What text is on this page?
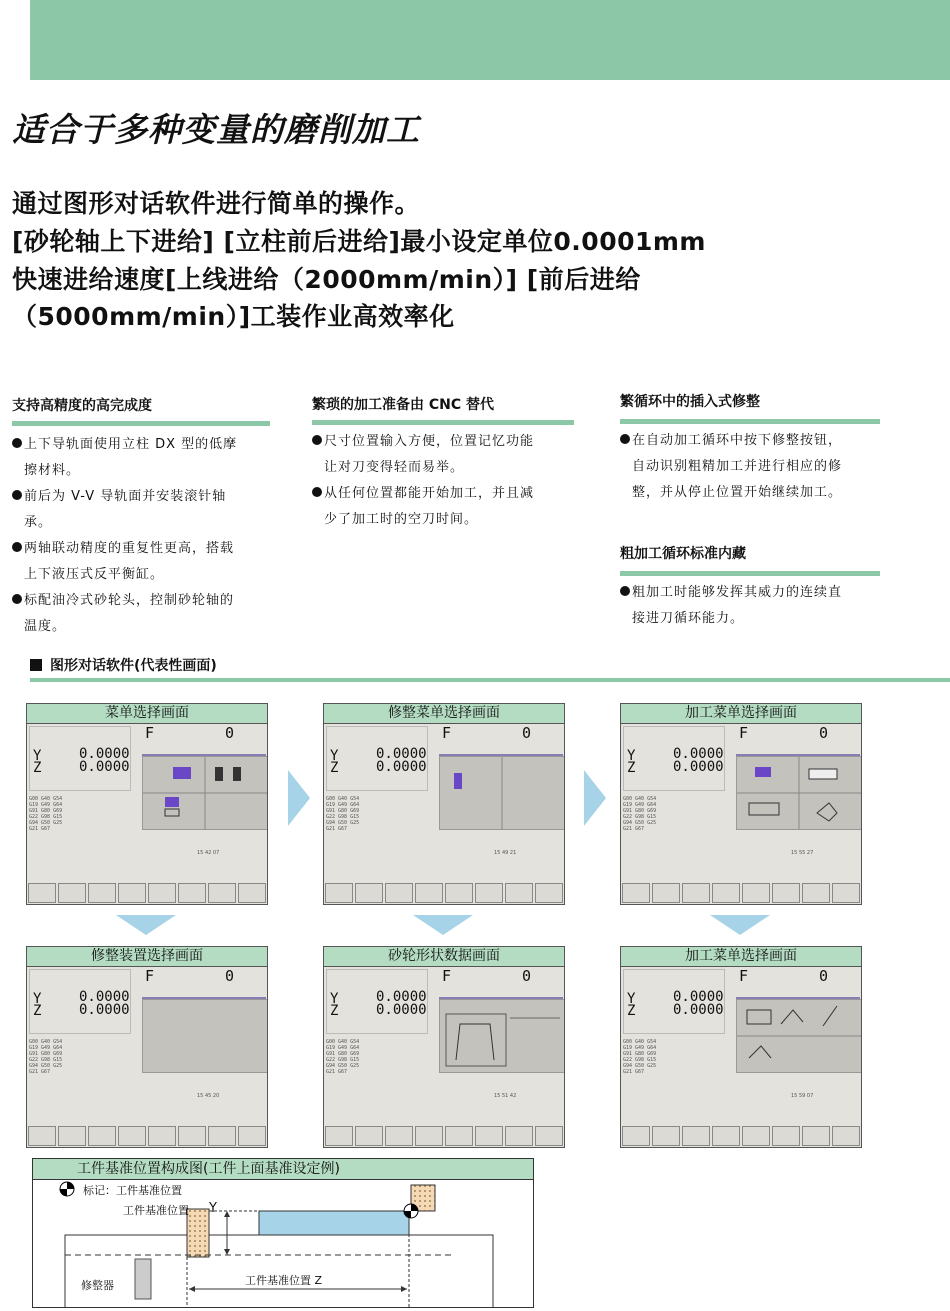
适合于多种变量的磨削加工
通过图形对话软件进行简单的操作。
[砂轮轴上下进给] [立柱前后进给]最小设定单位0.0001mm
快速进给速度[上线进给（2000mm/min）] [前后进给
（5000mm/min）]工装作业高效率化
支持高精度的高完成度
上下导轨面使用立柱 DX 型的低摩
擦材料。
前后为 V-V 导轨面并安装滚针轴
承。
两轴联动精度的重复性更高，搭载
上下液压式反平衡缸。
标配油冷式砂轮头，控制砂轮轴的
温度。
繁琐的加工准备由 CNC 替代
尺寸位置输入方便，位置记忆功能
让对刀变得轻而易举。
从任何位置都能开始加工，并且减
少了加工时的空刀时间。
繁循环中的插入式修整
在自动加工循环中按下修整按钮，
自动识别粗精加工并进行相应的修
整，并从停止位置开始继续加工。
粗加工循环标准内藏
粗加工时能够发挥其威力的连续直
接进刀循环能力。
图形对话软件(代表性画面)
菜单选择画面
F	0
Y
Z
0.0000
0.0000
G00 G40 G54
G19 G49 G64
G91 G80 G69
G22 G98 G15
G94 G50 G25
G21 G67
15 42 07
修整菜单选择画面
F	0
Y
Z
0.0000
0.0000
G00 G40 G54
G19 G49 G64
G91 G80 G69
G22 G98 G15
G94 G50 G25
G21 G67
15 49 21
加工菜单选择画面
F	0
Y
Z
0.0000
0.0000
G00 G40 G54
G19 G49 G64
G91 G80 G69
G22 G98 G15
G94 G50 G25
G21 G67
15 55 27
修整装置选择画面
F	0
Y
Z
0.0000
0.0000
G00 G40 G54
G19 G49 G64
G91 G80 G69
G22 G98 G15
G94 G50 G25
G21 G67
15 45 20
砂轮形状数据画面
F	0
Y
Z
0.0000
0.0000
G00 G40 G54
G19 G49 G64
G91 G80 G69
G22 G98 G15
G94 G50 G25
G21 G67
15 51 42
加工菜单选择画面
F	0
Y
Z
0.0000
0.0000
G00 G40 G54
G19 G49 G64
G91 G80 G69
G22 G98 G15
G94 G50 G25
G21 G67
15 59 07
工件基准位置构成图(工件上面基准设定例)
标记：工件基准位置
工件基准位置 Y
工件基准位置 Z
修整器
